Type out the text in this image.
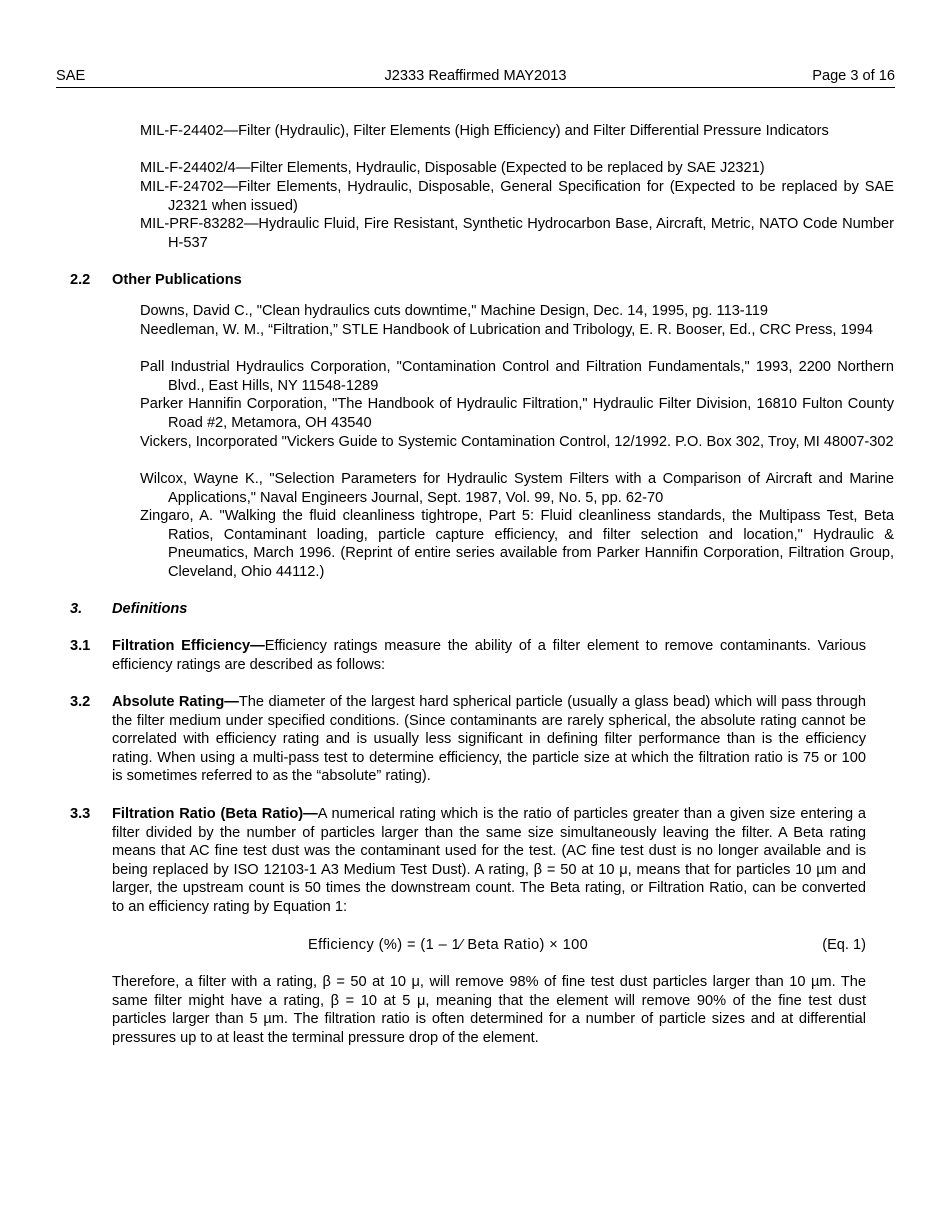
SAE	J2333 Reaffirmed MAY2013	Page 3 of 16
MIL-F-24402—Filter (Hydraulic), Filter Elements (High Efficiency) and Filter Differential Pressure Indicators
MIL-F-24402/4—Filter Elements, Hydraulic, Disposable (Expected to be replaced by SAE J2321)
MIL-F-24702—Filter Elements, Hydraulic, Disposable, General Specification for (Expected to be replaced by SAE J2321 when issued)
MIL-PRF-83282—Hydraulic Fluid, Fire Resistant, Synthetic Hydrocarbon Base, Aircraft, Metric, NATO Code Number H-537
2.2 Other Publications
Downs, David C., "Clean hydraulics cuts downtime," Machine Design, Dec. 14, 1995, pg. 113-119
Needleman, W. M., “Filtration,” STLE Handbook of Lubrication and Tribology, E. R. Booser, Ed., CRC Press, 1994
Pall Industrial Hydraulics Corporation, "Contamination Control and Filtration Fundamentals," 1993, 2200 Northern Blvd., East Hills, NY 11548-1289
Parker Hannifin Corporation, "The Handbook of Hydraulic Filtration," Hydraulic Filter Division, 16810 Fulton County Road #2, Metamora, OH 43540
Vickers, Incorporated "Vickers Guide to Systemic Contamination Control, 12/1992. P.O. Box 302, Troy, MI 48007-302
Wilcox, Wayne K., "Selection Parameters for Hydraulic System Filters with a Comparison of Aircraft and Marine Applications," Naval Engineers Journal, Sept. 1987, Vol. 99, No. 5, pp. 62-70
Zingaro, A. "Walking the fluid cleanliness tightrope, Part 5: Fluid cleanliness standards, the Multipass Test, Beta Ratios, Contaminant loading, particle capture efficiency, and filter selection and location," Hydraulic & Pneumatics, March 1996. (Reprint of entire series available from Parker Hannifin Corporation, Filtration Group, Cleveland, Ohio 44112.)
3. Definitions
3.1 Filtration Efficiency—Efficiency ratings measure the ability of a filter element to remove contaminants. Various efficiency ratings are described as follows:
3.2 Absolute Rating—The diameter of the largest hard spherical particle (usually a glass bead) which will pass through the filter medium under specified conditions. (Since contaminants are rarely spherical, the absolute rating cannot be correlated with efficiency rating and is usually less significant in defining filter performance than is the efficiency rating. When using a multi-pass test to determine efficiency, the particle size at which the filtration ratio is 75 or 100 is sometimes referred to as the “absolute” rating).
3.3 Filtration Ratio (Beta Ratio)—A numerical rating which is the ratio of particles greater than a given size entering a filter divided by the number of particles larger than the same size simultaneously leaving the filter. A Beta rating means that AC fine test dust was the contaminant used for the test. (AC fine test dust is no longer available and is being replaced by ISO 12103-1 A3 Medium Test Dust). A rating, β = 50 at 10 μ, means that for particles 10 µm and larger, the upstream count is 50 times the downstream count. The Beta rating, or Filtration Ratio, can be converted to an efficiency rating by Equation 1:
Efficiency (%) = (1 – 1⁄ Beta Ratio) × 100	(Eq. 1)
Therefore, a filter with a rating, β = 50 at 10 μ, will remove 98% of fine test dust particles larger than 10 µm. The same filter might have a rating, β = 10 at 5 μ, meaning that the element will remove 90% of the fine test dust particles larger than 5 µm. The filtration ratio is often determined for a number of particle sizes and at differential pressures up to at least the terminal pressure drop of the element.
